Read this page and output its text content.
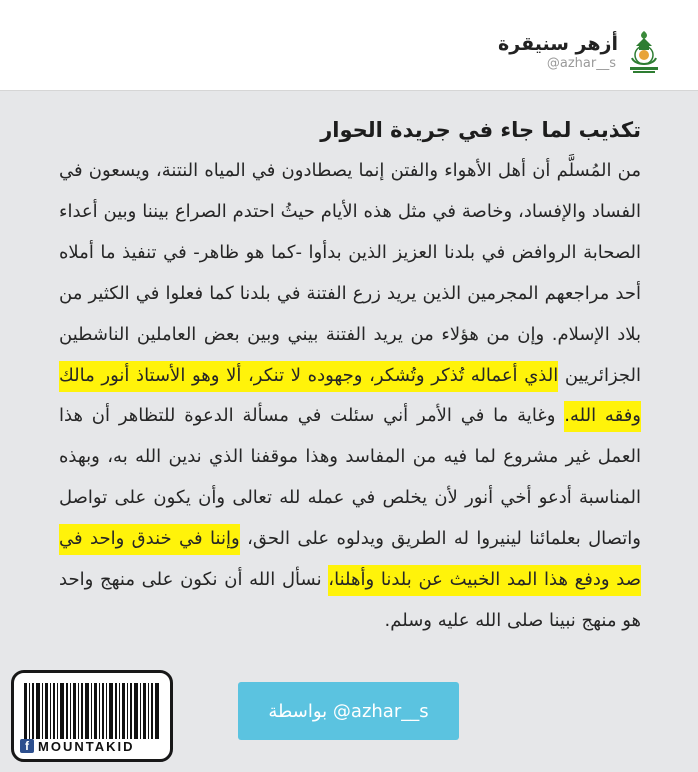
أزهر سنيقرة
@azhar__s
تكذيب لما جاء في جريدة الحوار
من المُسلَّم أن أهل الأهواء والفتن إنما يصطادون في المياه النتنة، ويسعون في الفساد والإفساد، وخاصة في مثل هذه الأيام حيثُ احتدم الصراع بيننا وبين أعداء الصحابة الروافض في بلدنا العزيز الذين بدأوا -كما هو ظاهر- في تنفيذ ما أملاه أحد مراجعهم المجرمين الذين يريد زرع الفتنة في بلدنا كما فعلوا في الكثير من بلاد الإسلام. وإن من هؤلاء من يريد الفتنة بيني وبين بعض العاملين الناشطين الجزائريين الذي أعماله تُذكر وتُشكر، وجهوده لا تنكر، ألا وهو الأستاذ أنور مالك وفقه الله. وغاية ما في الأمر أني سئلت في مسألة الدعوة للتظاهر أن هذا العمل غير مشروع لما فيه من المفاسد وهذا موقفنا الذي ندين الله به، وبهذه المناسبة أدعو أخي أنور لأن يخلص في عمله لله تعالى وأن يكون على تواصل واتصال بعلمائنا لينيروا له الطريق ويدلوه على الحق، وإننا في خندق واحد في صد ودفع هذا المد الخبيث عن بلدنا وأهلنا، نسأل الله أن نكون على منهج واحد هو منهج نبينا صلى الله عليه وسلم.
بواسطة @azhar__s
f MOUNTAKID
